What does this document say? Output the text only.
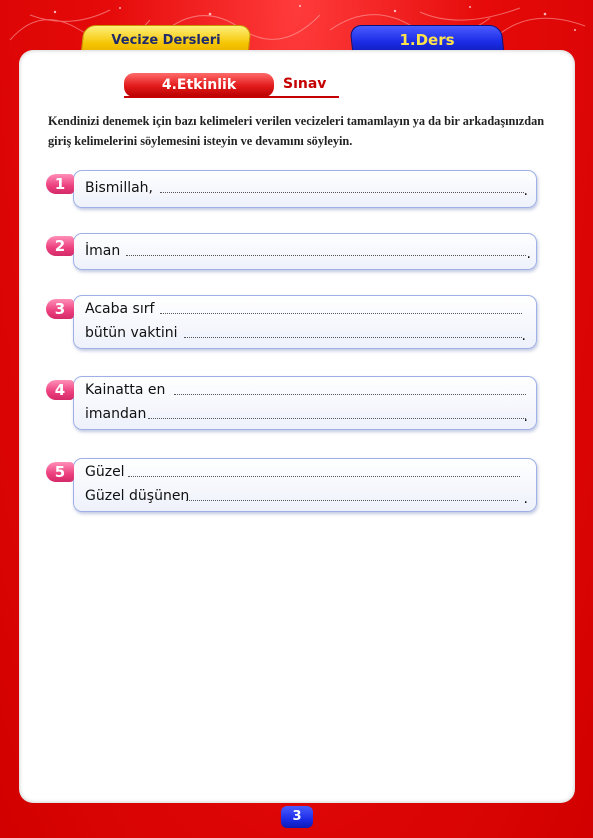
Vecize Dersleri	1.Ders
4.Etkinlik	Sınav
Kendinizi denemek için bazı kelimeleri verilen vecizeleri tamamlayın ya da bir arkadaşınızdan giriş kelimelerini söylemesini isteyin ve devamını söyleyin.
Bismillah,	.
1
İman	.
2
Acaba sırf
bütün vaktini	.
3
Kainatta en
imandan	.
4
Güzel
Güzel düşünen	.
5
3
